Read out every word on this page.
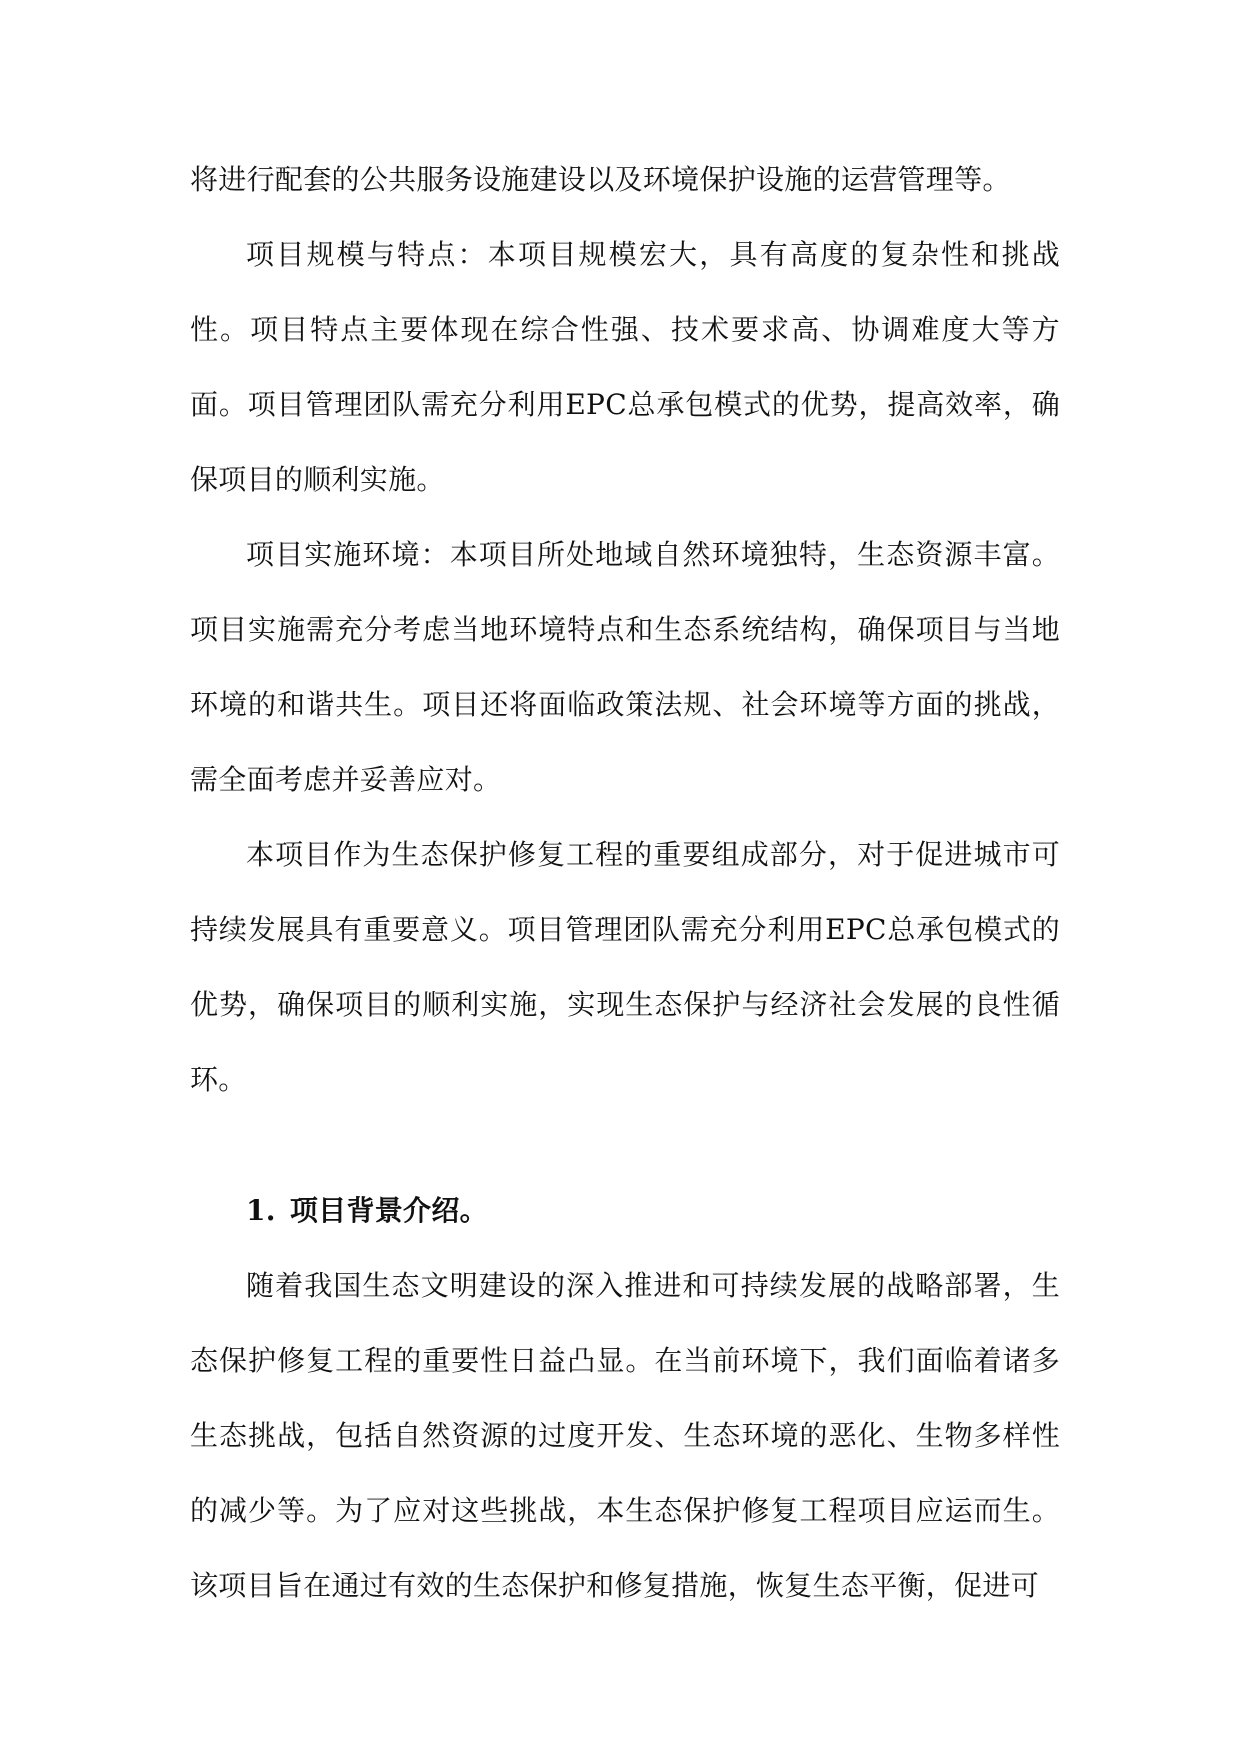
将进行配套的公共服务设施建设以及环境保护设施的运营管理等。

项目规模与特点：本项目规模宏大，具有高度的复杂性和挑战性。项目特点主要体现在综合性强、技术要求高、协调难度大等方面。项目管理团队需充分利用EPC总承包模式的优势，提高效率，确保项目的顺利实施。

项目实施环境：本项目所处地域自然环境独特，生态资源丰富。项目实施需充分考虑当地环境特点和生态系统结构，确保项目与当地环境的和谐共生。项目还将面临政策法规、社会环境等方面的挑战，需全面考虑并妥善应对。

本项目作为生态保护修复工程的重要组成部分，对于促进城市可持续发展具有重要意义。项目管理团队需充分利用EPC总承包模式的优势，确保项目的顺利实施，实现生态保护与经济社会发展的良性循环。

1. 项目背景介绍。

随着我国生态文明建设的深入推进和可持续发展的战略部署，生态保护修复工程的重要性日益凸显。在当前环境下，我们面临着诸多生态挑战，包括自然资源的过度开发、生态环境的恶化、生物多样性的减少等。为了应对这些挑战，本生态保护修复工程项目应运而生。该项目旨在通过有效的生态保护和修复措施，恢复生态平衡，促进可
